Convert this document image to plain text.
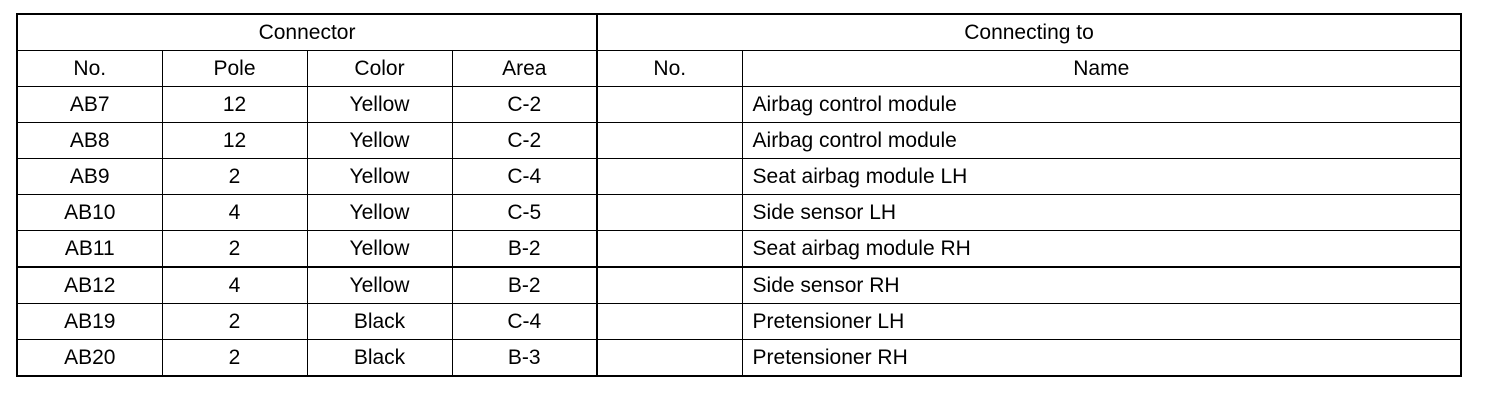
Connector				Connecting to	
No.	Pole	Color	Area	No.	Name
AB7	12	Yellow	C-2		Airbag control module
AB8	12	Yellow	C-2		Airbag control module
AB9	2	Yellow	C-4		Seat airbag module LH
AB10	4	Yellow	C-5		Side sensor LH
AB11	2	Yellow	B-2		Seat airbag module RH
AB12	4	Yellow	B-2		Side sensor RH
AB19	2	Black	C-4		Pretensioner LH
AB20	2	Black	B-3		Pretensioner RH
